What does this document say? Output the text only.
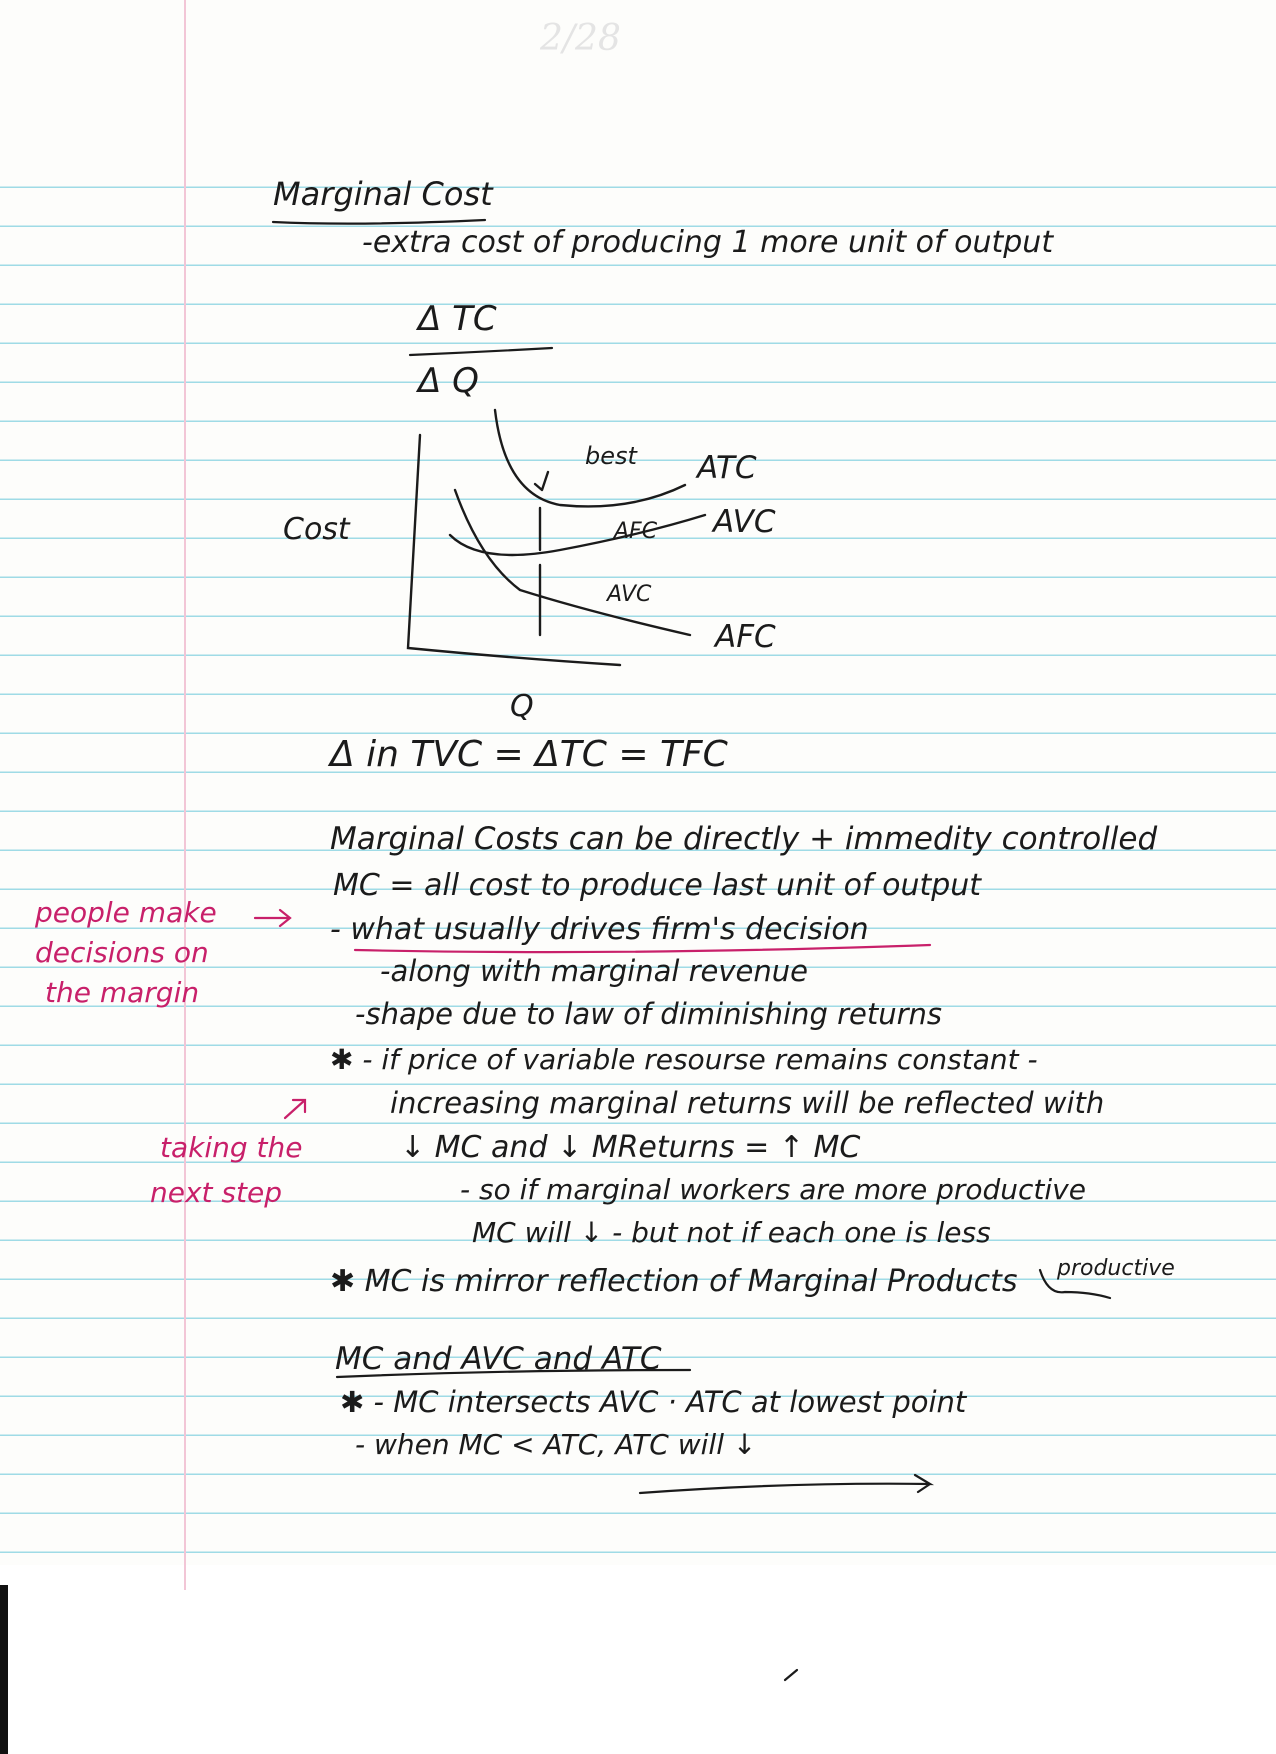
2/28
Marginal Cost
-extra cost of producing 1 more unit of output
Δ TC
Δ Q
Cost
Q
best ATC
AVC
AFC
AFC
AVC
Δ in TVC = ΔTC = TFC
Marginal Costs can be directly + immedity controlled
MC = all cost to produce last unit of output
- what usually drives firm's decision
-along with marginal revenue
-shape due to law of diminishing returns
✱ - if price of variable resourse remains constant -
increasing marginal returns will be reflected with
↓ MC and ↓ MReturns = ↑ MC
- so if marginal workers are more productive
MC will ↓ - but not if each one is less
✱ MC is mirror reflection of Marginal Products productive
MC and AVC and ATC
✱ - MC intersects AVC · ATC at lowest point
- when MC < ATC, ATC will ↓
people make
decisions on
the margin
taking the
next step
